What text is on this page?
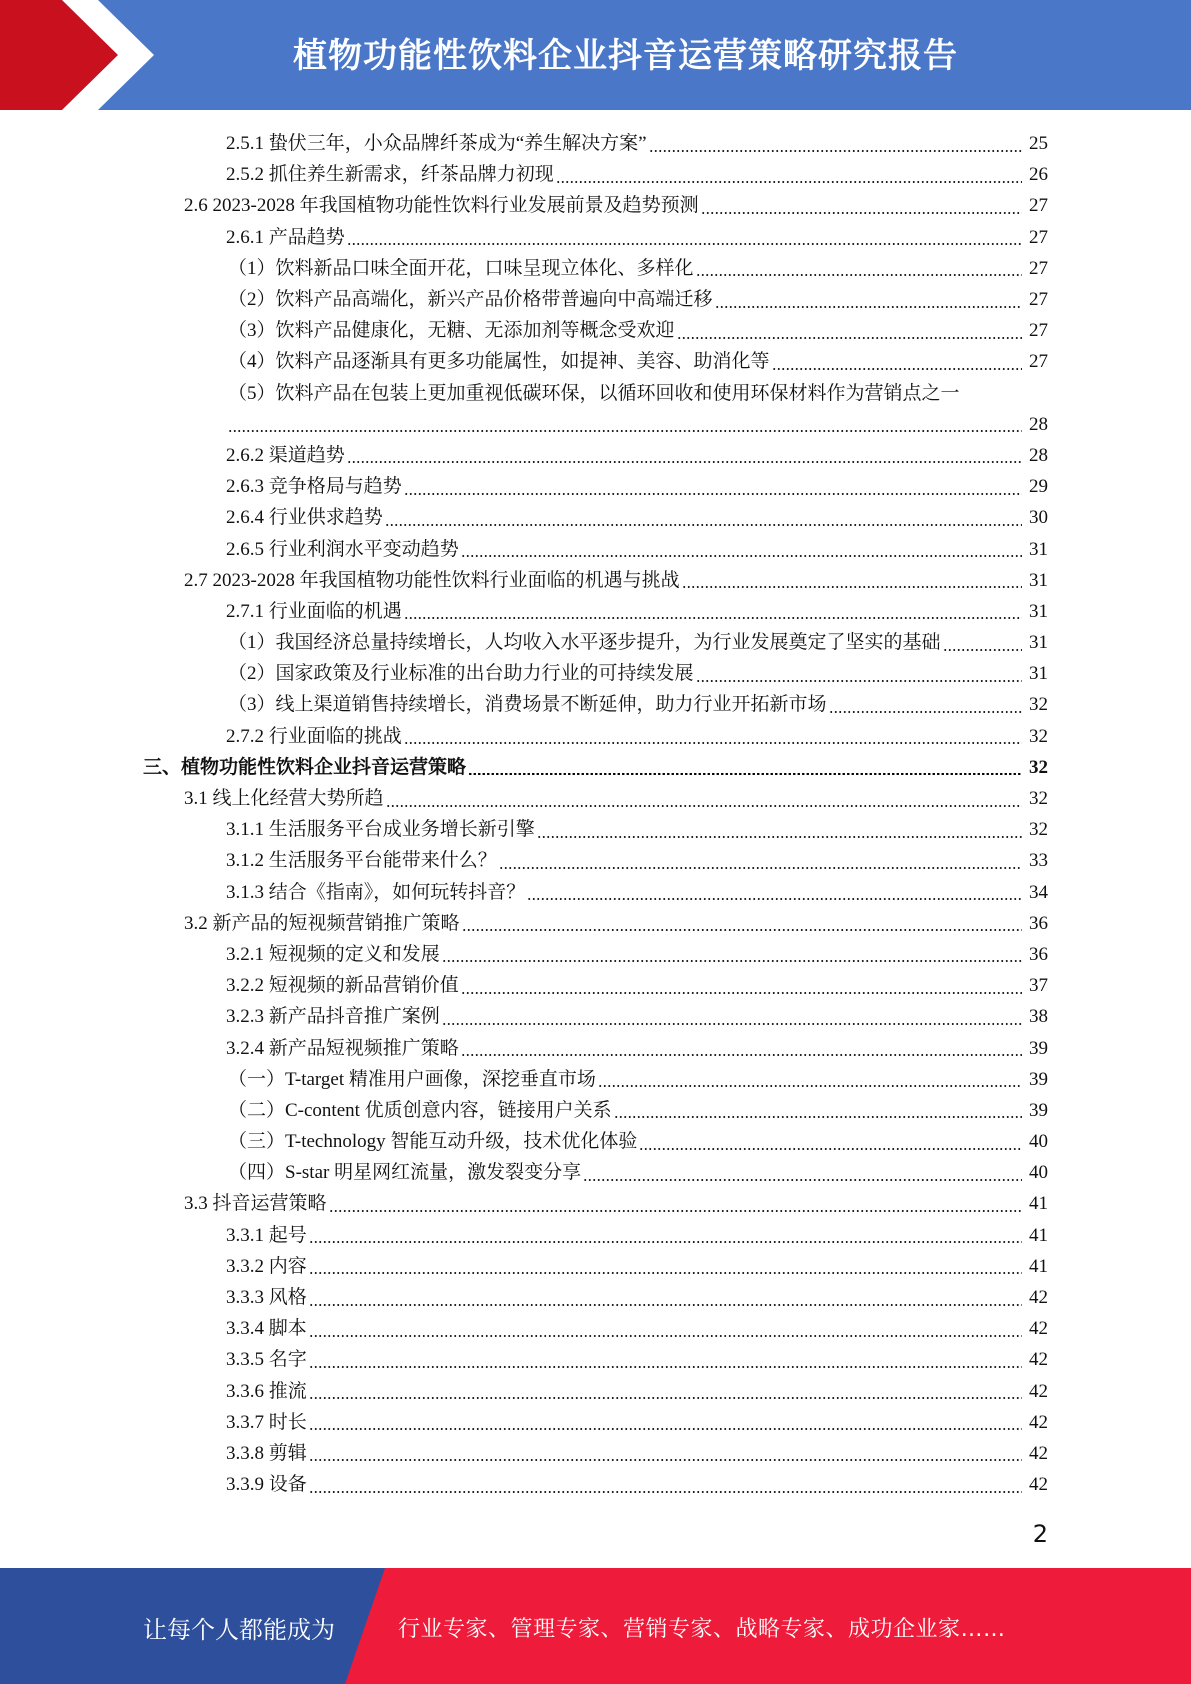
植物功能性饮料企业抖音运营策略研究报告
2.5.1 蛰伏三年，小众品牌纤茶成为“养生解决方案”	25
2.5.2 抓住养生新需求，纤茶品牌力初现	26
2.6 2023-2028 年我国植物功能性饮料行业发展前景及趋势预测	27
2.6.1 产品趋势	27
（1）饮料新品口味全面开花，口味呈现立体化、多样化	27
（2）饮料产品高端化，新兴产品价格带普遍向中高端迁移	27
（3）饮料产品健康化，无糖、无添加剂等概念受欢迎	27
（4）饮料产品逐渐具有更多功能属性，如提神、美容、助消化等	27
（5）饮料产品在包装上更加重视低碳环保，以循环回收和使用环保材料作为营销点之一
28
2.6.2 渠道趋势	28
2.6.3 竞争格局与趋势	29
2.6.4 行业供求趋势	30
2.6.5 行业利润水平变动趋势	31
2.7 2023-2028 年我国植物功能性饮料行业面临的机遇与挑战	31
2.7.1 行业面临的机遇	31
（1）我国经济总量持续增长，人均收入水平逐步提升，为行业发展奠定了坚实的基础	31
（2）国家政策及行业标准的出台助力行业的可持续发展	31
（3）线上渠道销售持续增长，消费场景不断延伸，助力行业开拓新市场	32
2.7.2 行业面临的挑战	32
三、植物功能性饮料企业抖音运营策略	32
3.1 线上化经营大势所趋	32
3.1.1 生活服务平台成业务增长新引擎	32
3.1.2 生活服务平台能带来什么？	33
3.1.3 结合《指南》，如何玩转抖音？	34
3.2 新产品的短视频营销推广策略	36
3.2.1 短视频的定义和发展	36
3.2.2 短视频的新品营销价值	37
3.2.3 新产品抖音推广案例	38
3.2.4 新产品短视频推广策略	39
（一）T-target 精准用户画像，深挖垂直市场	39
（二）C-content 优质创意内容，链接用户关系	39
（三）T-technology 智能互动升级，技术优化体验	40
（四）S-star 明星网红流量，激发裂变分享	40
3.3 抖音运营策略	41
3.3.1 起号	41
3.3.2 内容	41
3.3.3 风格	42
3.3.4 脚本	42
3.3.5 名字	42
3.3.6 推流	42
3.3.7 时长	42
3.3.8 剪辑	42
3.3.9 设备	42
2
让每个人都能成为	行业专家、管理专家、营销专家、战略专家、成功企业家……
